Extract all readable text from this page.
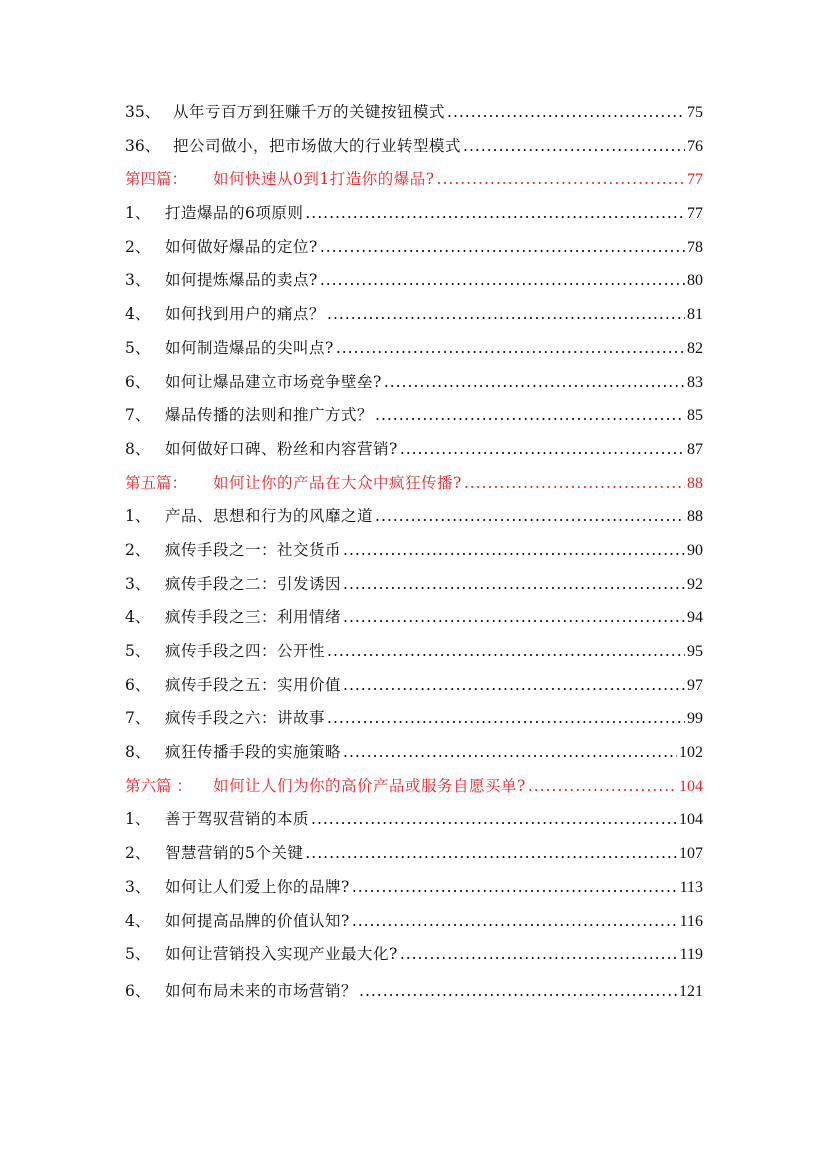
35、 从年亏百万到狂赚千万的关键按钮模式 .....	75
36、 把公司做小，把市场做大的行业转型模式 .....	76
第四篇：	如何快速从0到1打造你的爆品? .....	77
1、 打造爆品的6项原则 .....	77
2、 如何做好爆品的定位? .....	78
3、 如何提炼爆品的卖点? .....	80
4、 如何找到用户的痛点？ .....	81
5、 如何制造爆品的尖叫点? .....	82
6、 如何让爆品建立市场竞争壁垒? .....	83
7、 爆品传播的法则和推广方式？ .....	85
8、 如何做好口碑、粉丝和内容营销? .....	87
第五篇：	如何让你的产品在大众中疯狂传播? .....	88
1、 产品、思想和行为的风靡之道 .....	88
2、 疯传手段之一：社交货币 .....	90
3、 疯传手段之二：引发诱因 .....	92
4、 疯传手段之三：利用情绪 .....	94
5、 疯传手段之四：公开性 .....	95
6、 疯传手段之五：实用价值 .....	97
7、 疯传手段之六：讲故事 .....	99
8、 疯狂传播手段的实施策略 .....	102
第六篇 ：	如何让人们为你的高价产品或服务自愿买单? .....	104
1、 善于驾驭营销的本质 .....	104
2、 智慧营销的5个关键 .....	107
3、 如何让人们爱上你的品牌? .....	113
4、 如何提高品牌的价值认知? .....	116
5、 如何让营销投入实现产业最大化? .....	119
6、 如何布局未来的市场营销？ .....	121
